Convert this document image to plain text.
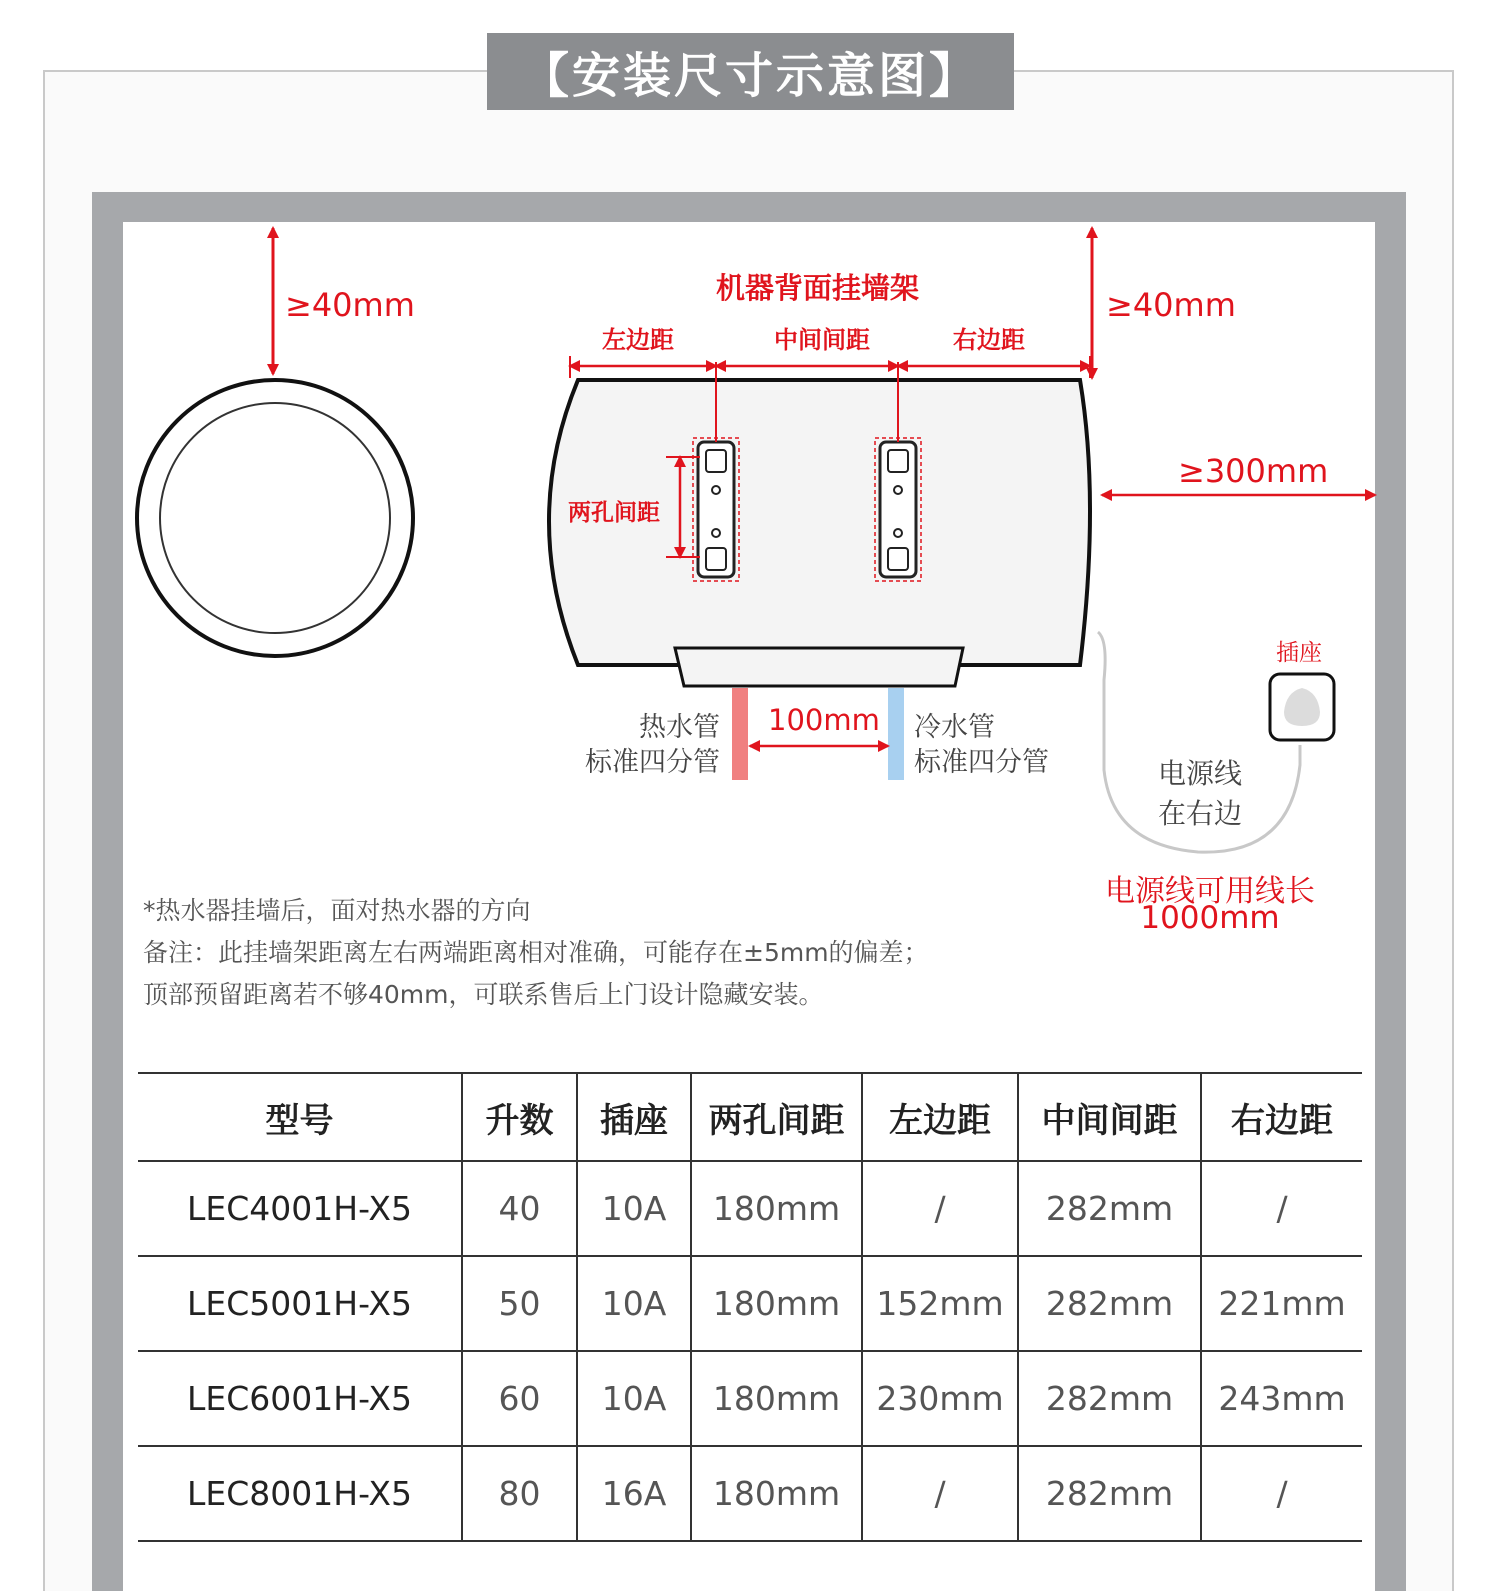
【安装尺寸示意图】
≥40mm	≥40mm
机器背面挂墙架
左边距	中间间距	右边距
两孔间距
≥300mm
插座
热水管
标准四分管
100mm 冷水管
标准四分管	电源线
在右边
电源线可用线长
1000mm
*热水器挂墙后，面对热水器的方向
备注：此挂墙架距离左右两端距离相对准确，可能存在±5mm的偏差；
顶部预留距离若不够40mm，可联系售后上门设计隐藏安装。
型号	升数	插座	两孔间距	左边距	中间间距	右边距
LEC4001H-X5	40	10A	180mm	/	282mm	/
LEC5001H-X5	50	10A	180mm	152mm	282mm	221mm
LEC6001H-X5	60	10A	180mm	230mm	282mm	243mm
LEC8001H-X5	80	16A	180mm	/	282mm	/
